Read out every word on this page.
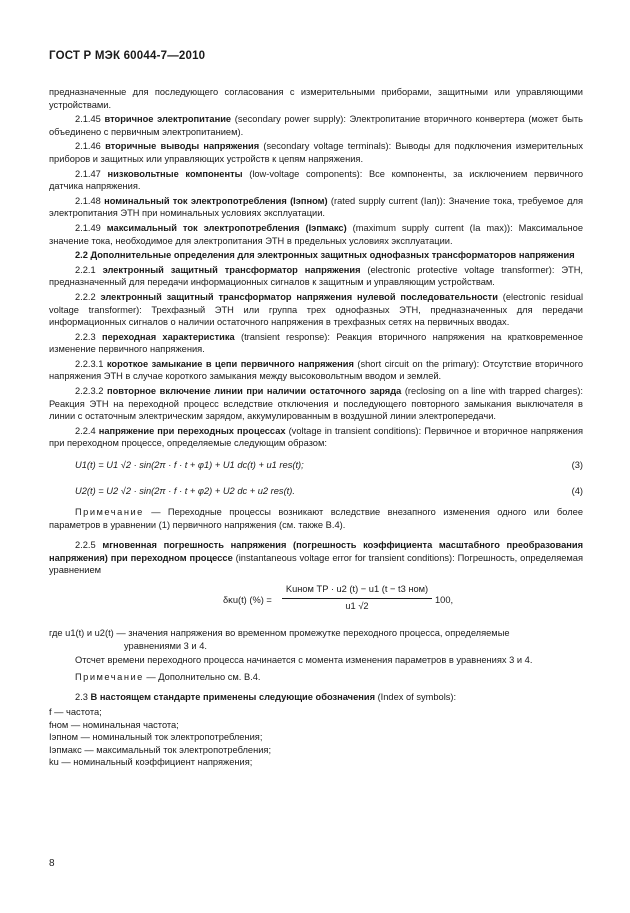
ГОСТ Р МЭК 60044-7—2010

предназначенные для последующего согласования с измерительными приборами, защитными или управляющими устройствами.

2.1.45 вторичное электропитание (secondary power supply): Электропитание вторичного конвертера (может быть объединено с первичным электропитанием).

2.1.46 вторичные выводы напряжения (secondary voltage terminals): Выводы для подключения измерительных приборов и защитных или управляющих устройств к цепям напряжения.

2.1.47 низковольтные компоненты (low-voltage components): Все компоненты, за исключением первичного датчика напряжения.

2.1.48 номинальный ток электропотребления (Iэпном) (rated supply current (Iап)): Значение тока, требуемое для электропитания ЭТН при номинальных условиях эксплуатации.

2.1.49 максимальный ток электропотребления (Iэпмакс) (maximum supply current (Ia max)): Максимальное значение тока, необходимое для электропитания ЭТН в предельных условиях эксплуатации.

2.2 Дополнительные определения для электронных защитных однофазных трансформаторов напряжения

2.2.1 электронный защитный трансформатор напряжения (electronic protective voltage transformer): ЭТН, предназначенный для передачи информационных сигналов к защитным и управляющим устройствам.

2.2.2 электронный защитный трансформатор напряжения нулевой последовательности (electronic residual voltage transformer): Трехфазный ЭТН или группа трех однофазных ЭТН, предназначенных для передачи информационных сигналов о наличии остаточного напряжения в трехфазных сетях на первичных вводах.

2.2.3 переходная характеристика (transient response): Реакция вторичного напряжения на кратковременное изменение первичного напряжения.

2.2.3.1 короткое замыкание в цепи первичного напряжения (short circuit on the primary): Отсутствие вторичного напряжения ЭТН в случае короткого замыкания между высоковольтным вводом и землей.

2.2.3.2 повторное включение линии при наличии остаточного заряда (reclosing on a line with trapped charges): Реакция ЭТН на переходной процесс вследствие отключения и последующего повторного замыкания выключателя в линии с остаточным электрическим зарядом, аккумулированным в воздушной линии электропередачи.

2.2.4 напряжение при переходных процессах (voltage in transient conditions): Первичное и вторичное напряжения при переходном процессе, определяемые следующим образом:

U1(t) = U1 √2 · sin(2π · f · t + φ1) + U1 dc(t) + u1 res(t);	(3)
U2(t) = U2 √2 · sin(2π · f · t + φ2) + U2 dc + u2 res(t).	(4)

Примечание — Переходные процессы возникают вследствие внезапного изменения одного или более параметров в уравнении (1) первичного напряжения (см. также В.4).

2.2.5 мгновенная погрешность напряжения (погрешность коэффициента масштабного преобразования напряжения) при переходном процессе (instantaneous voltage error for transient conditions): Погрешность, определяемая уравнением

δκu(t) (%) =
Kuном TP · u2 (t) − u1 (t − t3 ном)
u1 √2
100,

где u1(t) и u2(t) — значения напряжения во временном промежутке переходного процесса, определяемые

уравнениями 3 и 4.

Отсчет времени переходного процесса начинается с момента изменения параметров в уравнениях 3 и 4.

Примечание — Дополнительно см. В.4.

2.3 В настоящем стандарте применены следующие обозначения (Index of symbols):

f — частота;

fном — номинальная частота;

Iэпном — номинальный ток электропотребления;

Iэпмакс — максимальный ток электропотребления;

ku — номинальный коэффициент напряжения;

8
